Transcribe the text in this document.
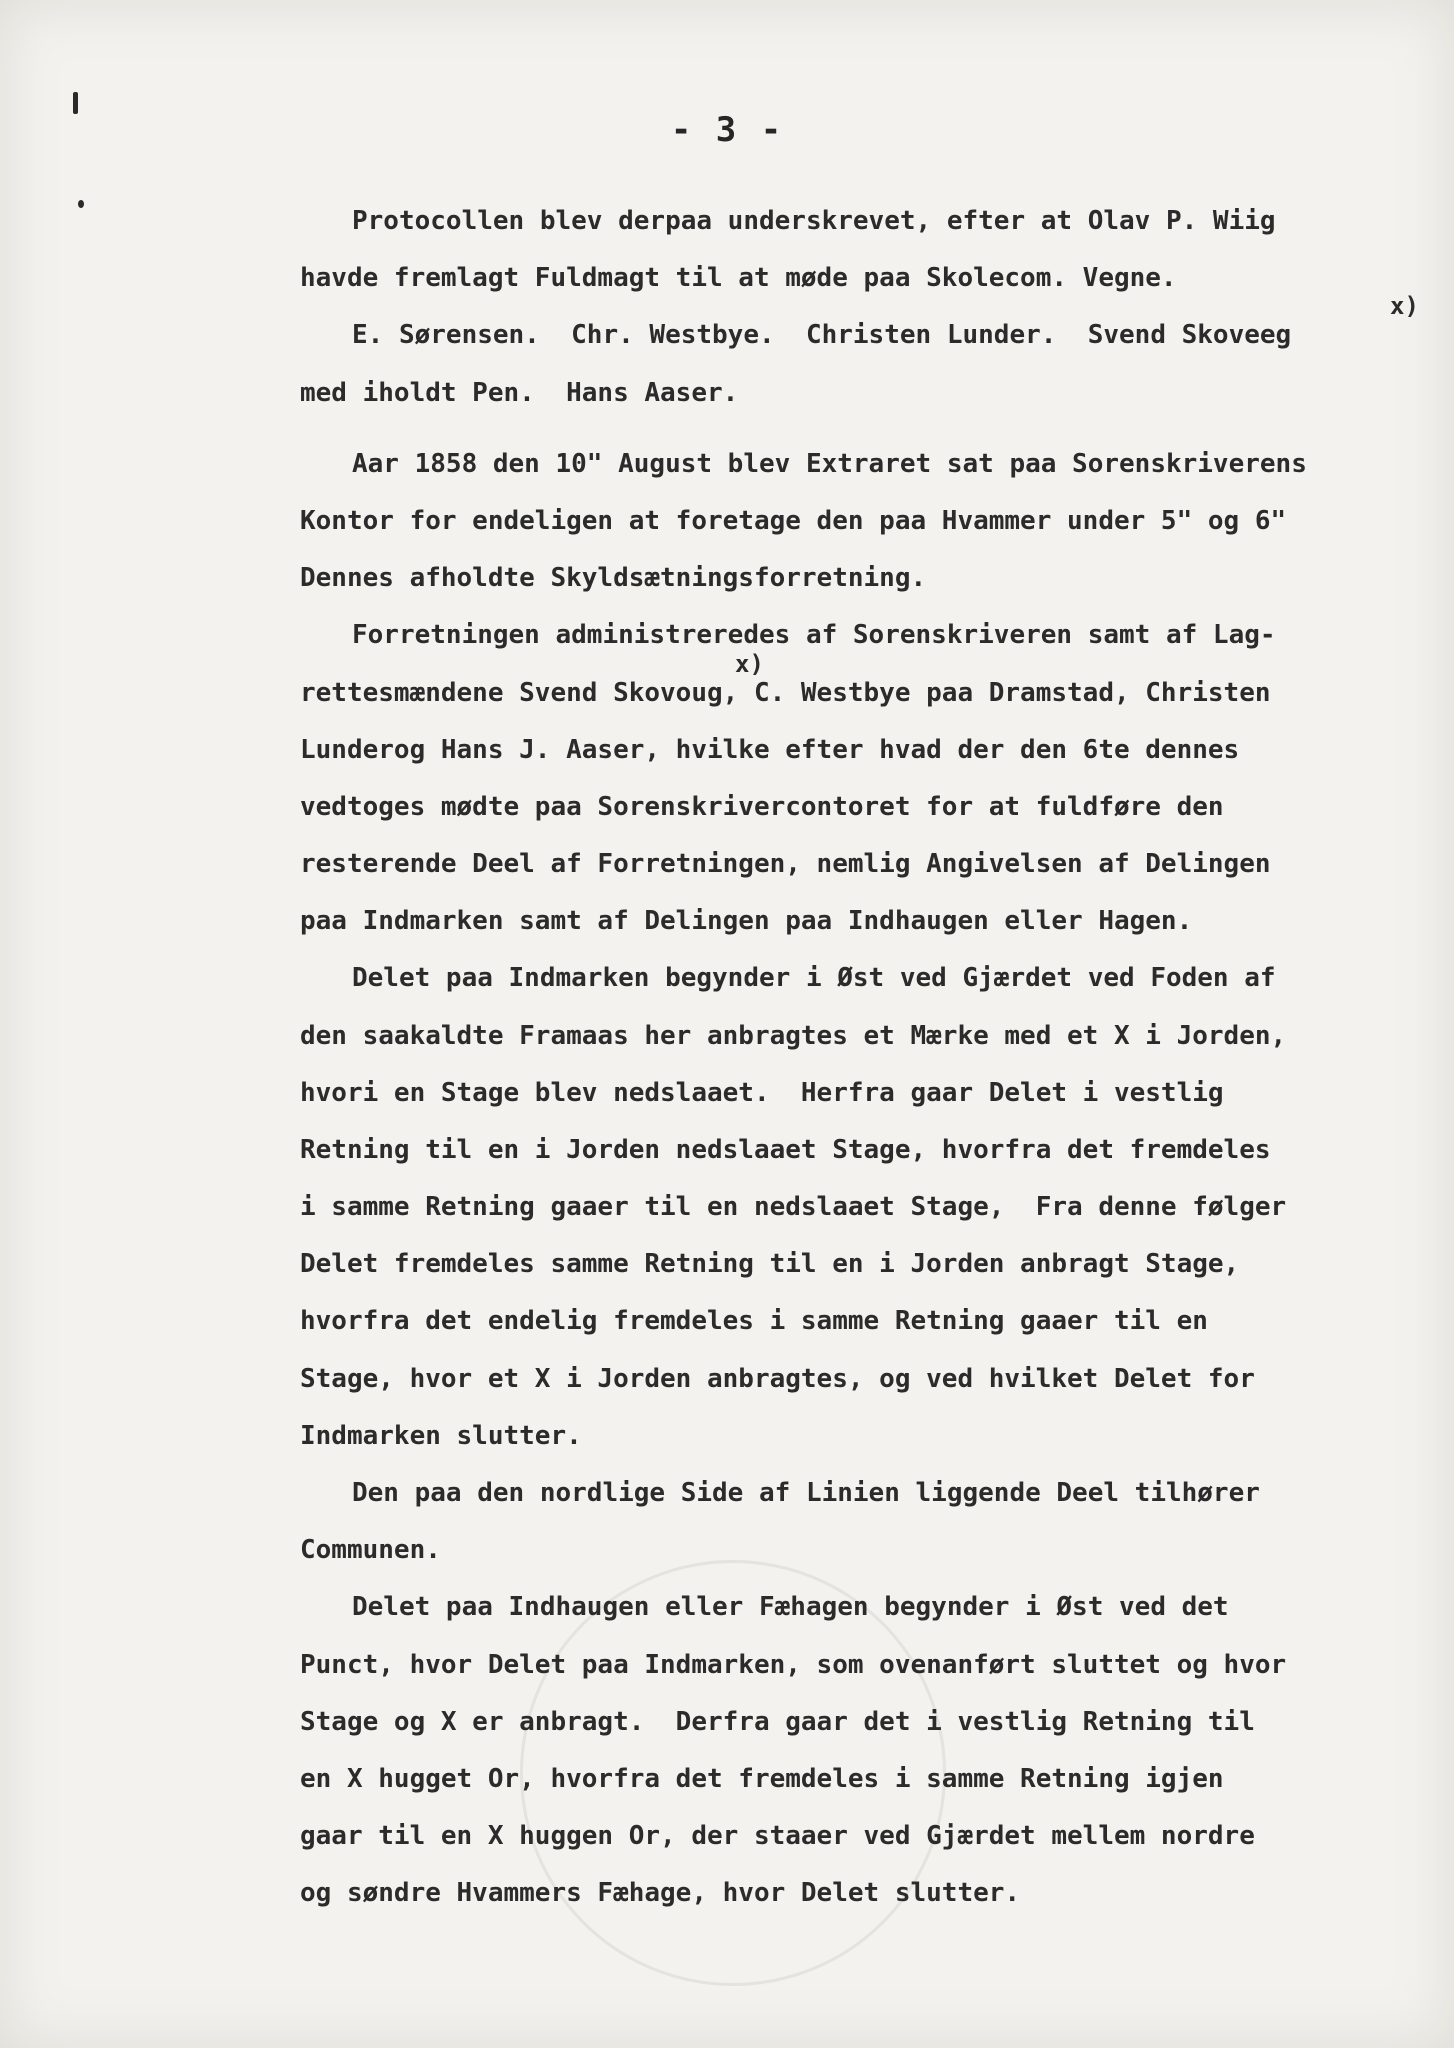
- 3 -
x)
x)
Protocollen blev derpaa underskrevet, efter at Olav P. Wiig
havde fremlagt Fuldmagt til at møde paa Skolecom. Vegne.
E. Sørensen.  Chr. Westbye.  Christen Lunder.  Svend Skoveeg
med iholdt Pen.  Hans Aaser.
Aar 1858 den 10" August blev Extraret sat paa Sorenskriverens
Kontor for endeligen at foretage den paa Hvammer under 5" og 6"
Dennes afholdte Skyldsætningsforretning.
Forretningen administreredes af Sorenskriveren samt af Lag-
rettesmændene Svend Skovoug, C. Westbye paa Dramstad, Christen
Lunderog Hans J. Aaser, hvilke efter hvad der den 6te dennes
vedtoges mødte paa Sorenskrivercontoret for at fuldføre den
resterende Deel af Forretningen, nemlig Angivelsen af Delingen
paa Indmarken samt af Delingen paa Indhaugen eller Hagen.
Delet paa Indmarken begynder i Øst ved Gjærdet ved Foden af
den saakaldte Framaas her anbragtes et Mærke med et X i Jorden,
hvori en Stage blev nedslaaet.  Herfra gaar Delet i vestlig
Retning til en i Jorden nedslaaet Stage, hvorfra det fremdeles
i samme Retning gaaer til en nedslaaet Stage,  Fra denne følger
Delet fremdeles samme Retning til en i Jorden anbragt Stage,
hvorfra det endelig fremdeles i samme Retning gaaer til en
Stage, hvor et X i Jorden anbragtes, og ved hvilket Delet for
Indmarken slutter.
Den paa den nordlige Side af Linien liggende Deel tilhører
Communen.
Delet paa Indhaugen eller Fæhagen begynder i Øst ved det
Punct, hvor Delet paa Indmarken, som ovenanført sluttet og hvor
Stage og X er anbragt.  Derfra gaar det i vestlig Retning til
en X hugget Or, hvorfra det fremdeles i samme Retning igjen
gaar til en X huggen Or, der staaer ved Gjærdet mellem nordre
og søndre Hvammers Fæhage, hvor Delet slutter.
